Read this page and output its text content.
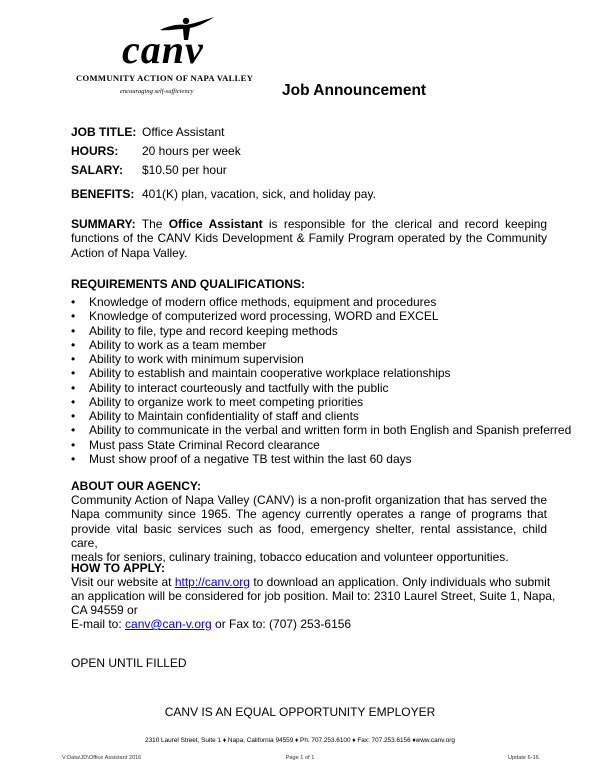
canv
COMMUNITY ACTION OF NAPA VALLEY
encouraging self-sufficiency	Job Announcement
JOB TITLE: Office Assistant
HOURS: 20 hours per week
SALARY: $10.50 per hour
BENEFITS: 401(K) plan, vacation, sick, and holiday pay.
SUMMARY: The Office Assistant is responsible for the clerical and record keeping
functions of the CANV Kids Development & Family Program operated by the Community
Action of Napa Valley.
REQUIREMENTS AND QUALIFICATIONS:
• Knowledge of modern office methods, equipment and procedures
• Knowledge of computerized word processing, WORD and EXCEL
• Ability to file, type and record keeping methods
• Ability to work as a team member
• Ability to work with minimum supervision
• Ability to establish and maintain cooperative workplace relationships
• Ability to interact courteously and tactfully with the public
• Ability to organize work to meet competing priorities
• Ability to Maintain confidentiality of staff and clients
• Ability to communicate in the verbal and written form in both English and Spanish preferred
• Must pass State Criminal Record clearance
• Must show proof of a negative TB test within the last 60 days
ABOUT OUR AGENCY:
Community Action of Napa Valley (CANV) is a non-profit organization that has served the
Napa community since 1965. The agency currently operates a range of programs that
provide vital basic services such as food, emergency shelter, rental assistance, child care,
meals for seniors, culinary training, tobacco education and volunteer opportunities.
HOW TO APPLY:
Visit our website at http://canv.org to download an application. Only individuals who submit
an application will be considered for job position. Mail to: 2310 Laurel Street, Suite 1, Napa,
CA 94559 or
E-mail to: canv@can-v.org or Fax to: (707) 253-6156
OPEN UNTIL FILLED
CANV IS AN EQUAL OPPORTUNITY EMPLOYER
2310 Laurel Street, Suite 1 ♦ Napa, California 94559 ♦ Ph: 707.253.6100 ♦ Fax: 707.253.6156 ♦www.canv.org
V:Data\JD\Office Assistant 2016	Page 1 of 1	Update 6-16
